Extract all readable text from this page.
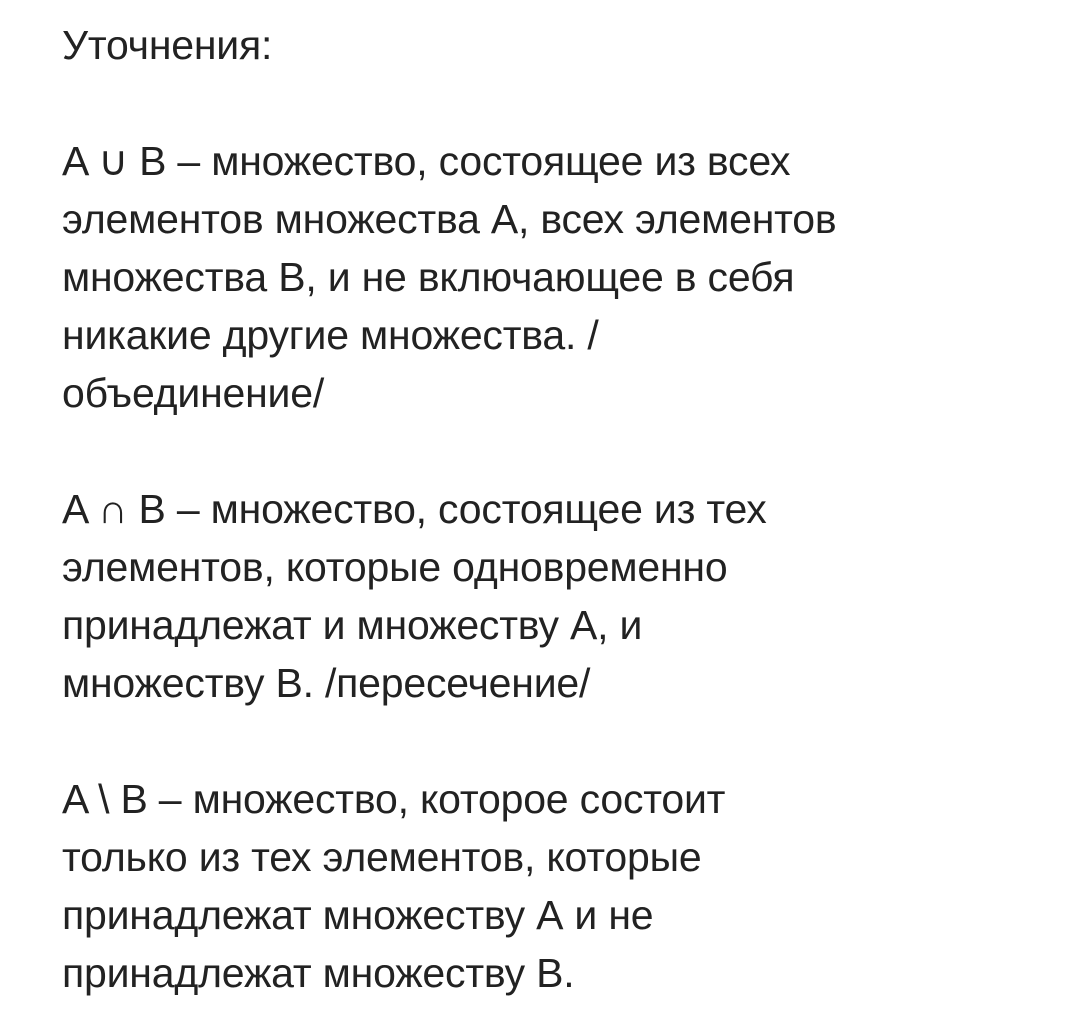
Уточнения:
A ∪ B – множество, состоящее из всех
элементов множества А, всех элементов
множества В, и не включающее в себя
никакие другие множества. /
объединение/
A ∩ B – множество, состоящее из тех
элементов, которые одновременно
принадлежат и множеству А, и
множеству В. /пересечение/
A \ B – множество, которое состоит
только из тех элементов, которые
принадлежат множеству А и не
принадлежат множеству В.
